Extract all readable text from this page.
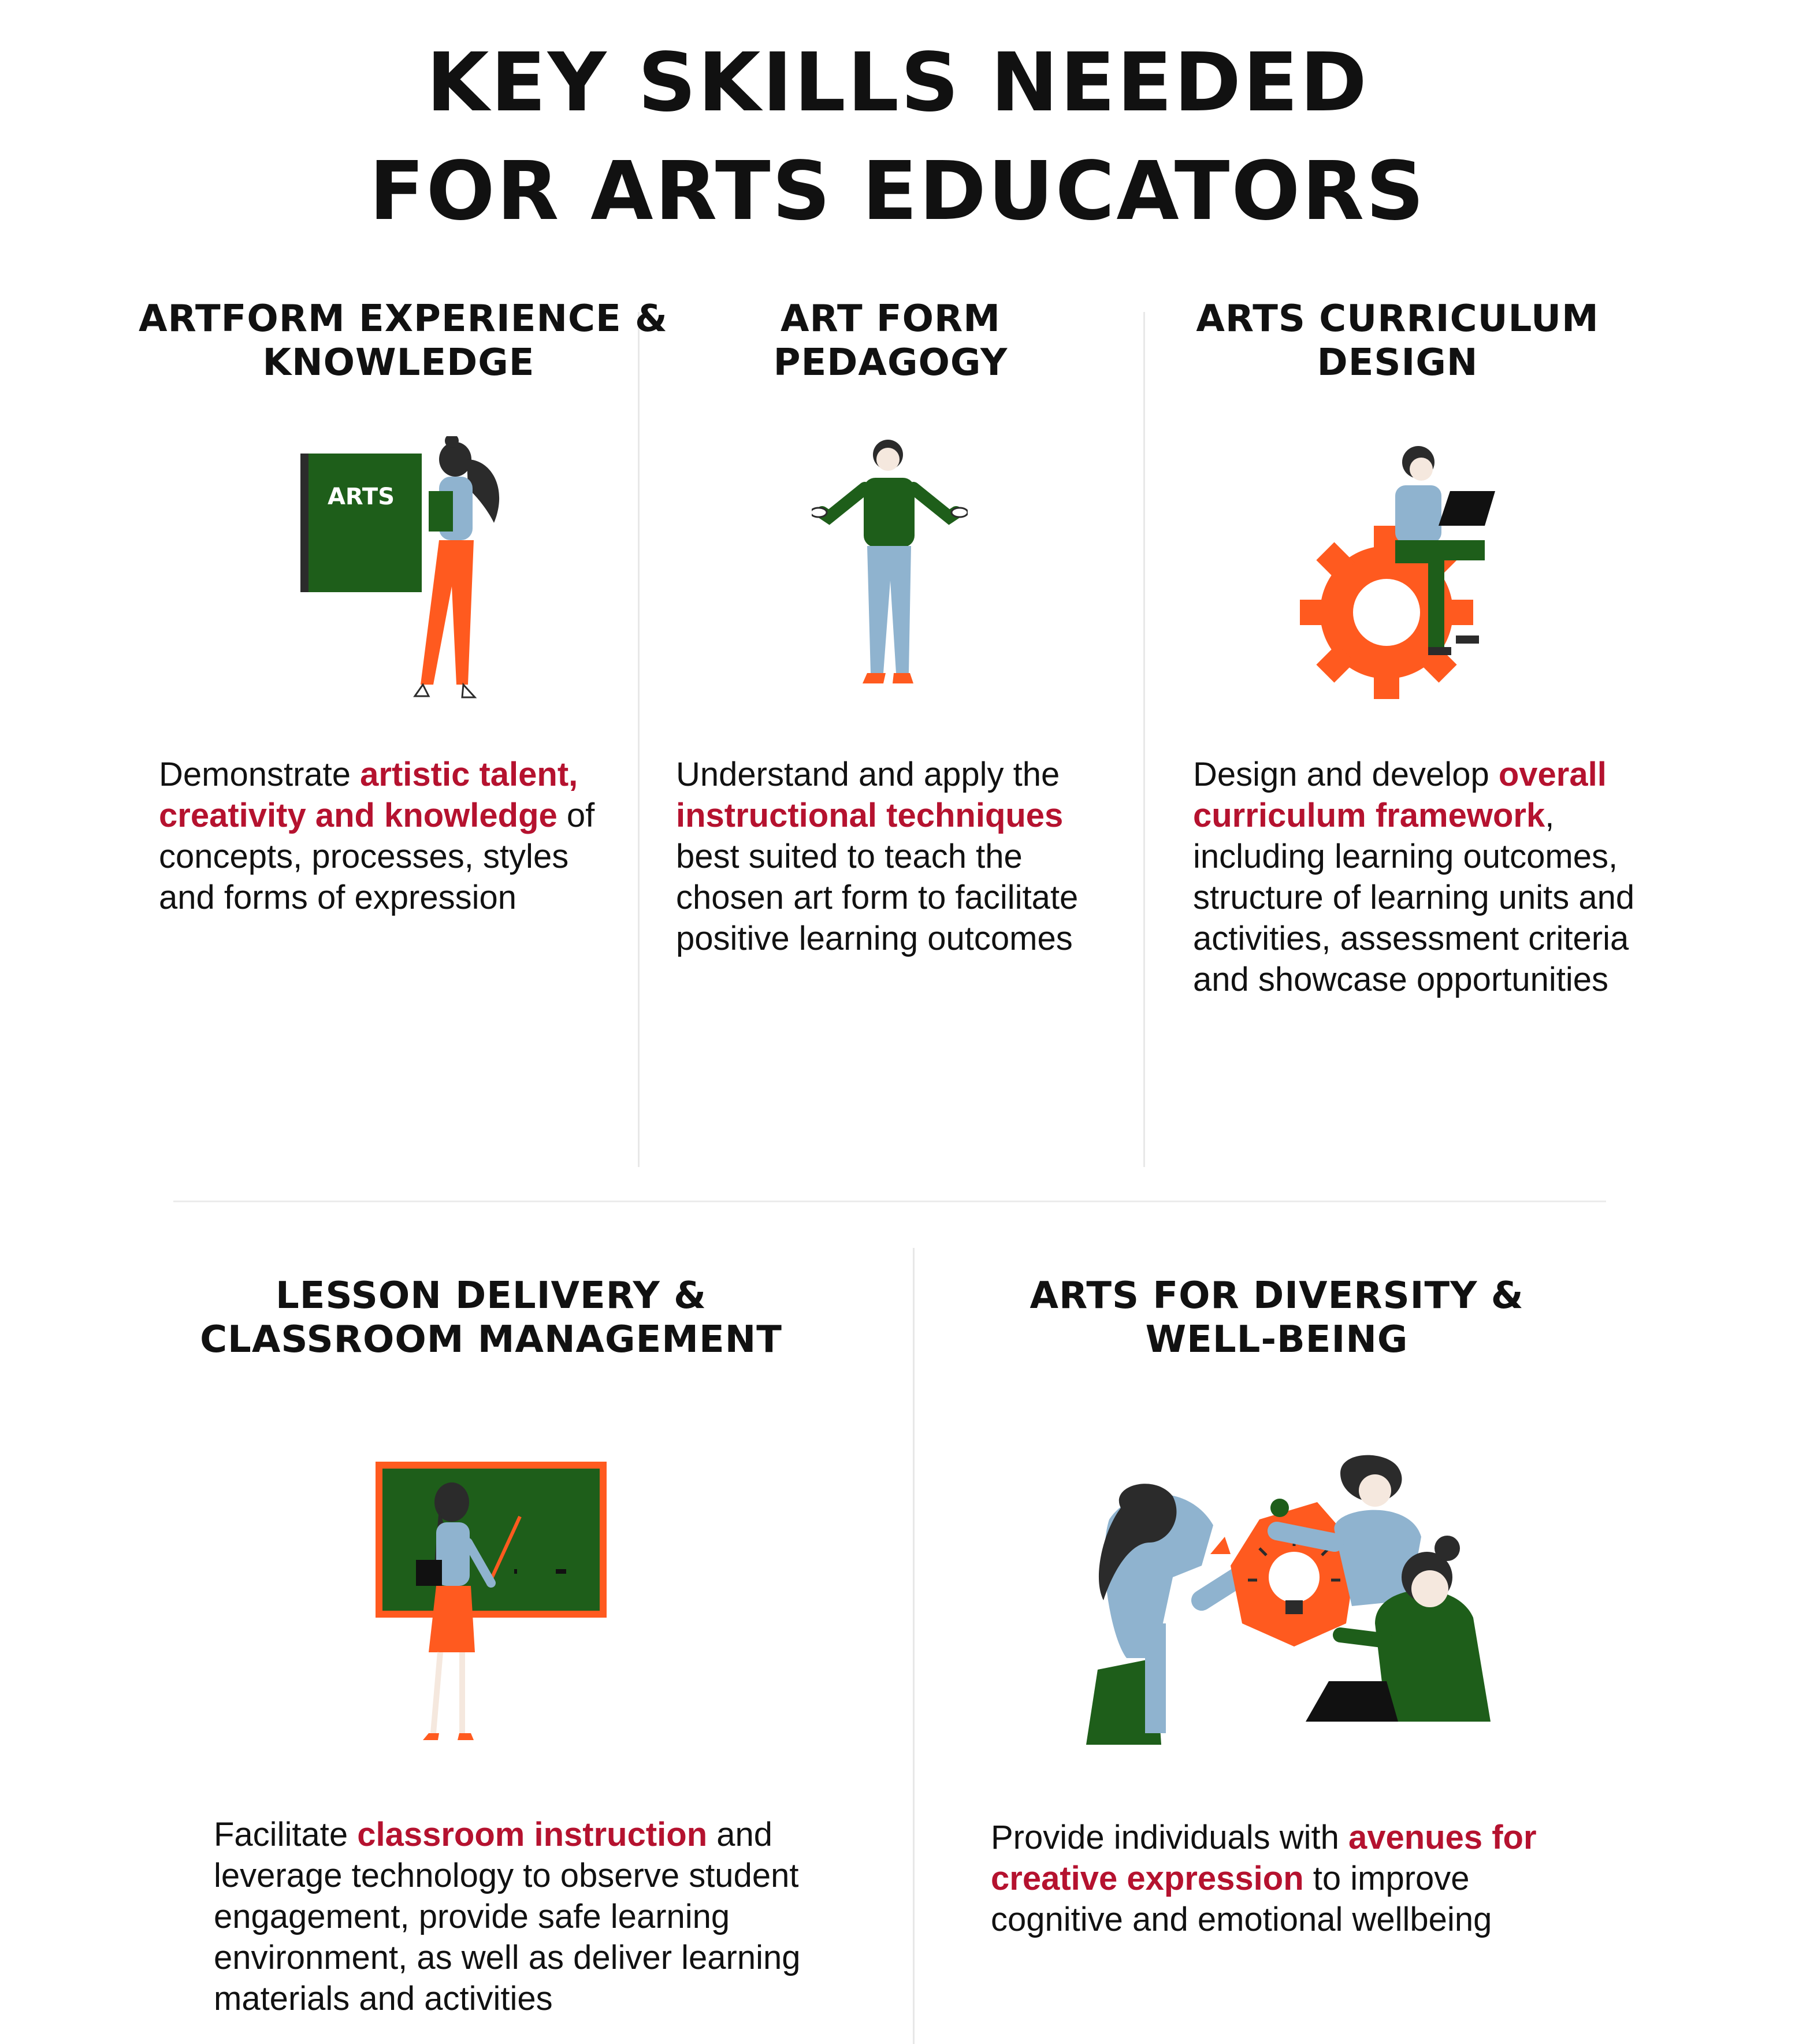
KEY SKILLS NEEDED
FOR ARTS EDUCATORS
ARTFORM EXPERIENCE &
KNOWLEDGE
ARTS
Demonstrate artistic talent, creativity and knowledge of concepts, processes, styles and forms of expression
ART FORM
PEDAGOGY
Understand and apply the instructional techniques best suited to teach the chosen art form to facilitate positive learning outcomes
ARTS CURRICULUM
DESIGN
Design and develop overall curriculum framework, including learning outcomes, structure of learning units and activities, assessment criteria and showcase opportunities
LESSON DELIVERY &
CLASSROOM MANAGEMENT
Facilitate classroom instruction and leverage technology to observe student engagement, provide safe learning environment, as well as deliver learning materials and activities
ARTS FOR DIVERSITY &
WELL-BEING
Provide individuals with avenues for creative expression to improve cognitive and emotional wellbeing
